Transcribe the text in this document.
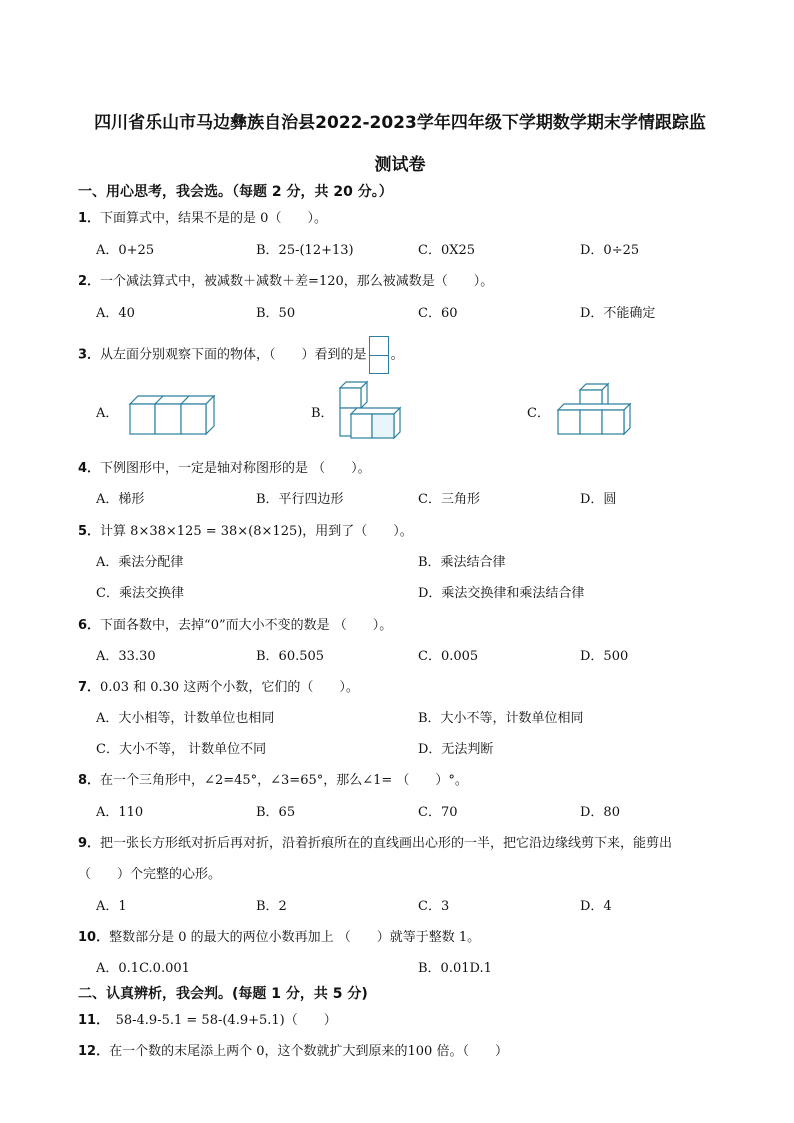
四川省乐山市马边彝族自治县2022-2023学年四年级下学期数学期末学情跟踪监
测试卷
一、用心思考，我会选。（每题 2 分，共 20 分。）
1．下面算式中，结果不是的是 0（　　）。
A．0+25	B．25-(12+13)	C．0X25	D．0÷25
2．一个减法算式中，被减数＋减数＋差=120，那么被减数是（　　）。
A．40	B．50	C．60	D．不能确定
3．从左面分别观察下面的物体，（　　）看到的是 。
A．	B．	C．
4．下例图形中，一定是轴对称图形的是 （　　）。
A．梯形	B．平行四边形	C．三角形	D．圆
5．计算 8×38×125 = 38×(8×125)，用到了（　　）。
A．乘法分配律	B．乘法结合律
C．乘法交换律	D．乘法交换律和乘法结合律
6．下面各数中，去掉“0”而大小不变的数是 （　　）。
A．33.30	B．60.505	C．0.005	D．500
7．0.03 和 0.30 这两个小数，它们的（　　）。
A．大小相等，计数单位也相同	B．大小不等，计数单位相同
C．大小不等， 计数单位不同	D．无法判断
8．在一个三角形中，∠2=45°，∠3=65°，那么∠1= （　　）°。
A．110	B．65	C．70	D．80
9．把一张长方形纸对折后再对折，沿着折痕所在的直线画出心形的一半，把它沿边缘线剪下来，能剪出
（　　）个完整的心形。
A．1	B．2	C．3	D．4
10．整数部分是 0 的最大的两位小数再加上 （　　）就等于整数 1。
A．0.1C.0.001	B．0.01D.1
二、认真辨析，我会判。(每题 1 分，共 5 分)
11．　58-4.9-5.1 = 58-(4.9+5.1)（　　）
12．在一个数的末尾添上两个 0，这个数就扩大到原来的100 倍。（　　）
